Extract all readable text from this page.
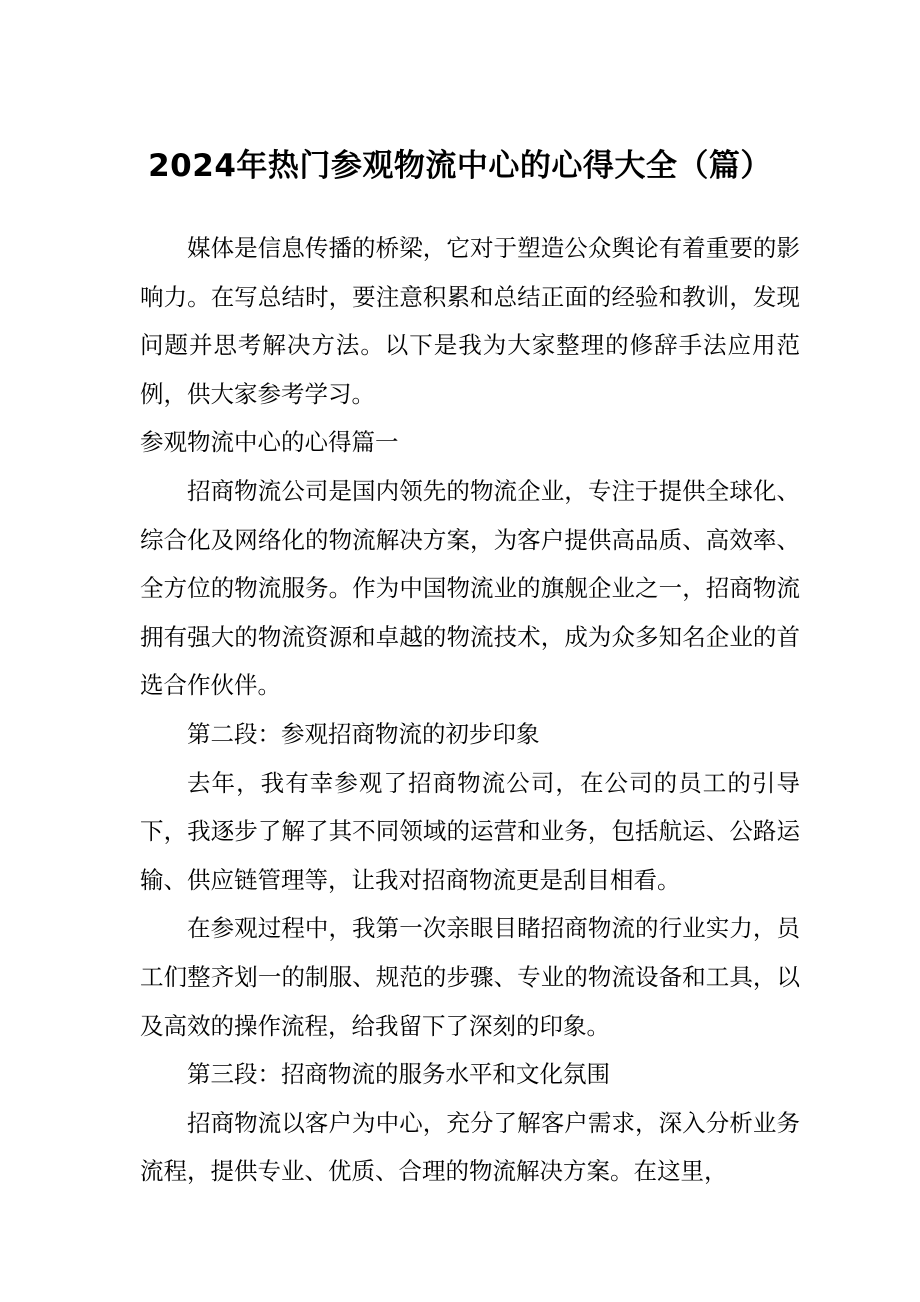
2024年热门参观物流中心的心得大全（篇）

媒体是信息传播的桥梁，它对于塑造公众舆论有着重要的影响力。在写总结时，要注意积累和总结正面的经验和教训，发现问题并思考解决方法。以下是我为大家整理的修辞手法应用范例，供大家参考学习。

参观物流中心的心得篇一

招商物流公司是国内领先的物流企业，专注于提供全球化、综合化及网络化的物流解决方案，为客户提供高品质、高效率、全方位的物流服务。作为中国物流业的旗舰企业之一，招商物流拥有强大的物流资源和卓越的物流技术，成为众多知名企业的首选合作伙伴。

第二段：参观招商物流的初步印象

去年，我有幸参观了招商物流公司，在公司的员工的引导下，我逐步了解了其不同领域的运营和业务，包括航运、公路运输、供应链管理等，让我对招商物流更是刮目相看。

在参观过程中，我第一次亲眼目睹招商物流的行业实力，员工们整齐划一的制服、规范的步骤、专业的物流设备和工具，以及高效的操作流程，给我留下了深刻的印象。

第三段：招商物流的服务水平和文化氛围

招商物流以客户为中心，充分了解客户需求，深入分析业务流程，提供专业、优质、合理的物流解决方案。在这里，
